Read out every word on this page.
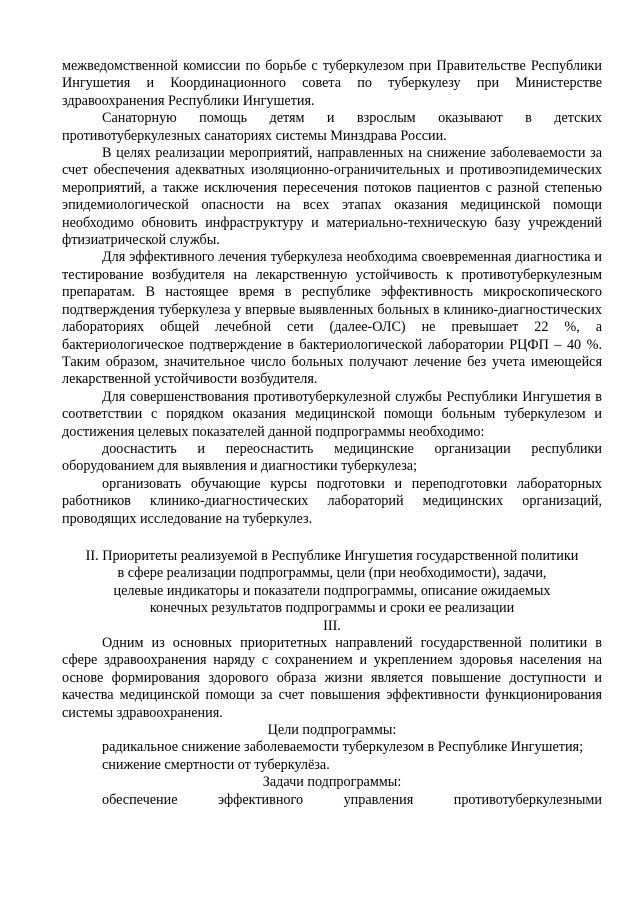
межведомственной комиссии по борьбе с туберкулезом при Правительстве Республики Ингушетия и Координационного совета по туберкулезу при Министерстве здравоохранения Республики Ингушетия.

Санаторную помощь детям и взрослым оказывают в детских противотуберкулезных санаториях системы Минздрава России.

В целях реализации мероприятий, направленных на снижение заболеваемости за счет обеспечения адекватных изоляционно-ограничительных и противоэпидемических мероприятий, а также исключения пересечения потоков пациентов с разной степенью эпидемиологической опасности на всех этапах оказания медицинской помощи необходимо обновить инфраструктуру и материально-техническую базу учреждений фтизиатрической службы.

Для эффективного лечения туберкулеза необходима своевременная диагностика и тестирование возбудителя на лекарственную устойчивость к противотуберкулезным препаратам. В настоящее время в республике эффективность микроскопического подтверждения туберкулеза у впервые выявленных больных в клинико-диагностических лабораториях общей лечебной сети (далее-ОЛС) не превышает 22 %, а бактериологическое подтверждение в бактериологической лаборатории РЦФП – 40 %. Таким образом, значительное число больных получают лечение без учета имеющейся лекарственной устойчивости возбудителя.

Для совершенствования противотуберкулезной службы Республики Ингушетия в соответствии с порядком оказания медицинской помощи больным туберкулезом и достижения целевых показателей данной подпрограммы необходимо:

дооснастить и переоснастить медицинские организации республики оборудованием для выявления и диагностики туберкулеза;

организовать обучающие курсы подготовки и переподготовки лабораторных работников клинико-диагностических лабораторий медицинских организаций, проводящих исследование на туберкулез.

II. Приоритеты реализуемой в Республике Ингушетия государственной политики

в сфере реализации подпрограммы, цели (при необходимости), задачи,

целевые индикаторы и показатели подпрограммы, описание ожидаемых

конечных результатов подпрограммы и сроки ее реализации

III.

Одним из основных приоритетных направлений государственной политики в сфере здравоохранения наряду с сохранением и укреплением здоровья населения на основе формирования здорового образа жизни является повышение доступности и качества медицинской помощи за счет повышения эффективности функционирования системы здравоохранения.

Цели подпрограммы:

радикальное снижение заболеваемости туберкулезом в Республике Ингушетия;

снижение смертности от туберкулёза.

Задачи подпрограммы:

обеспечение эффективного управления противотуберкулезными
